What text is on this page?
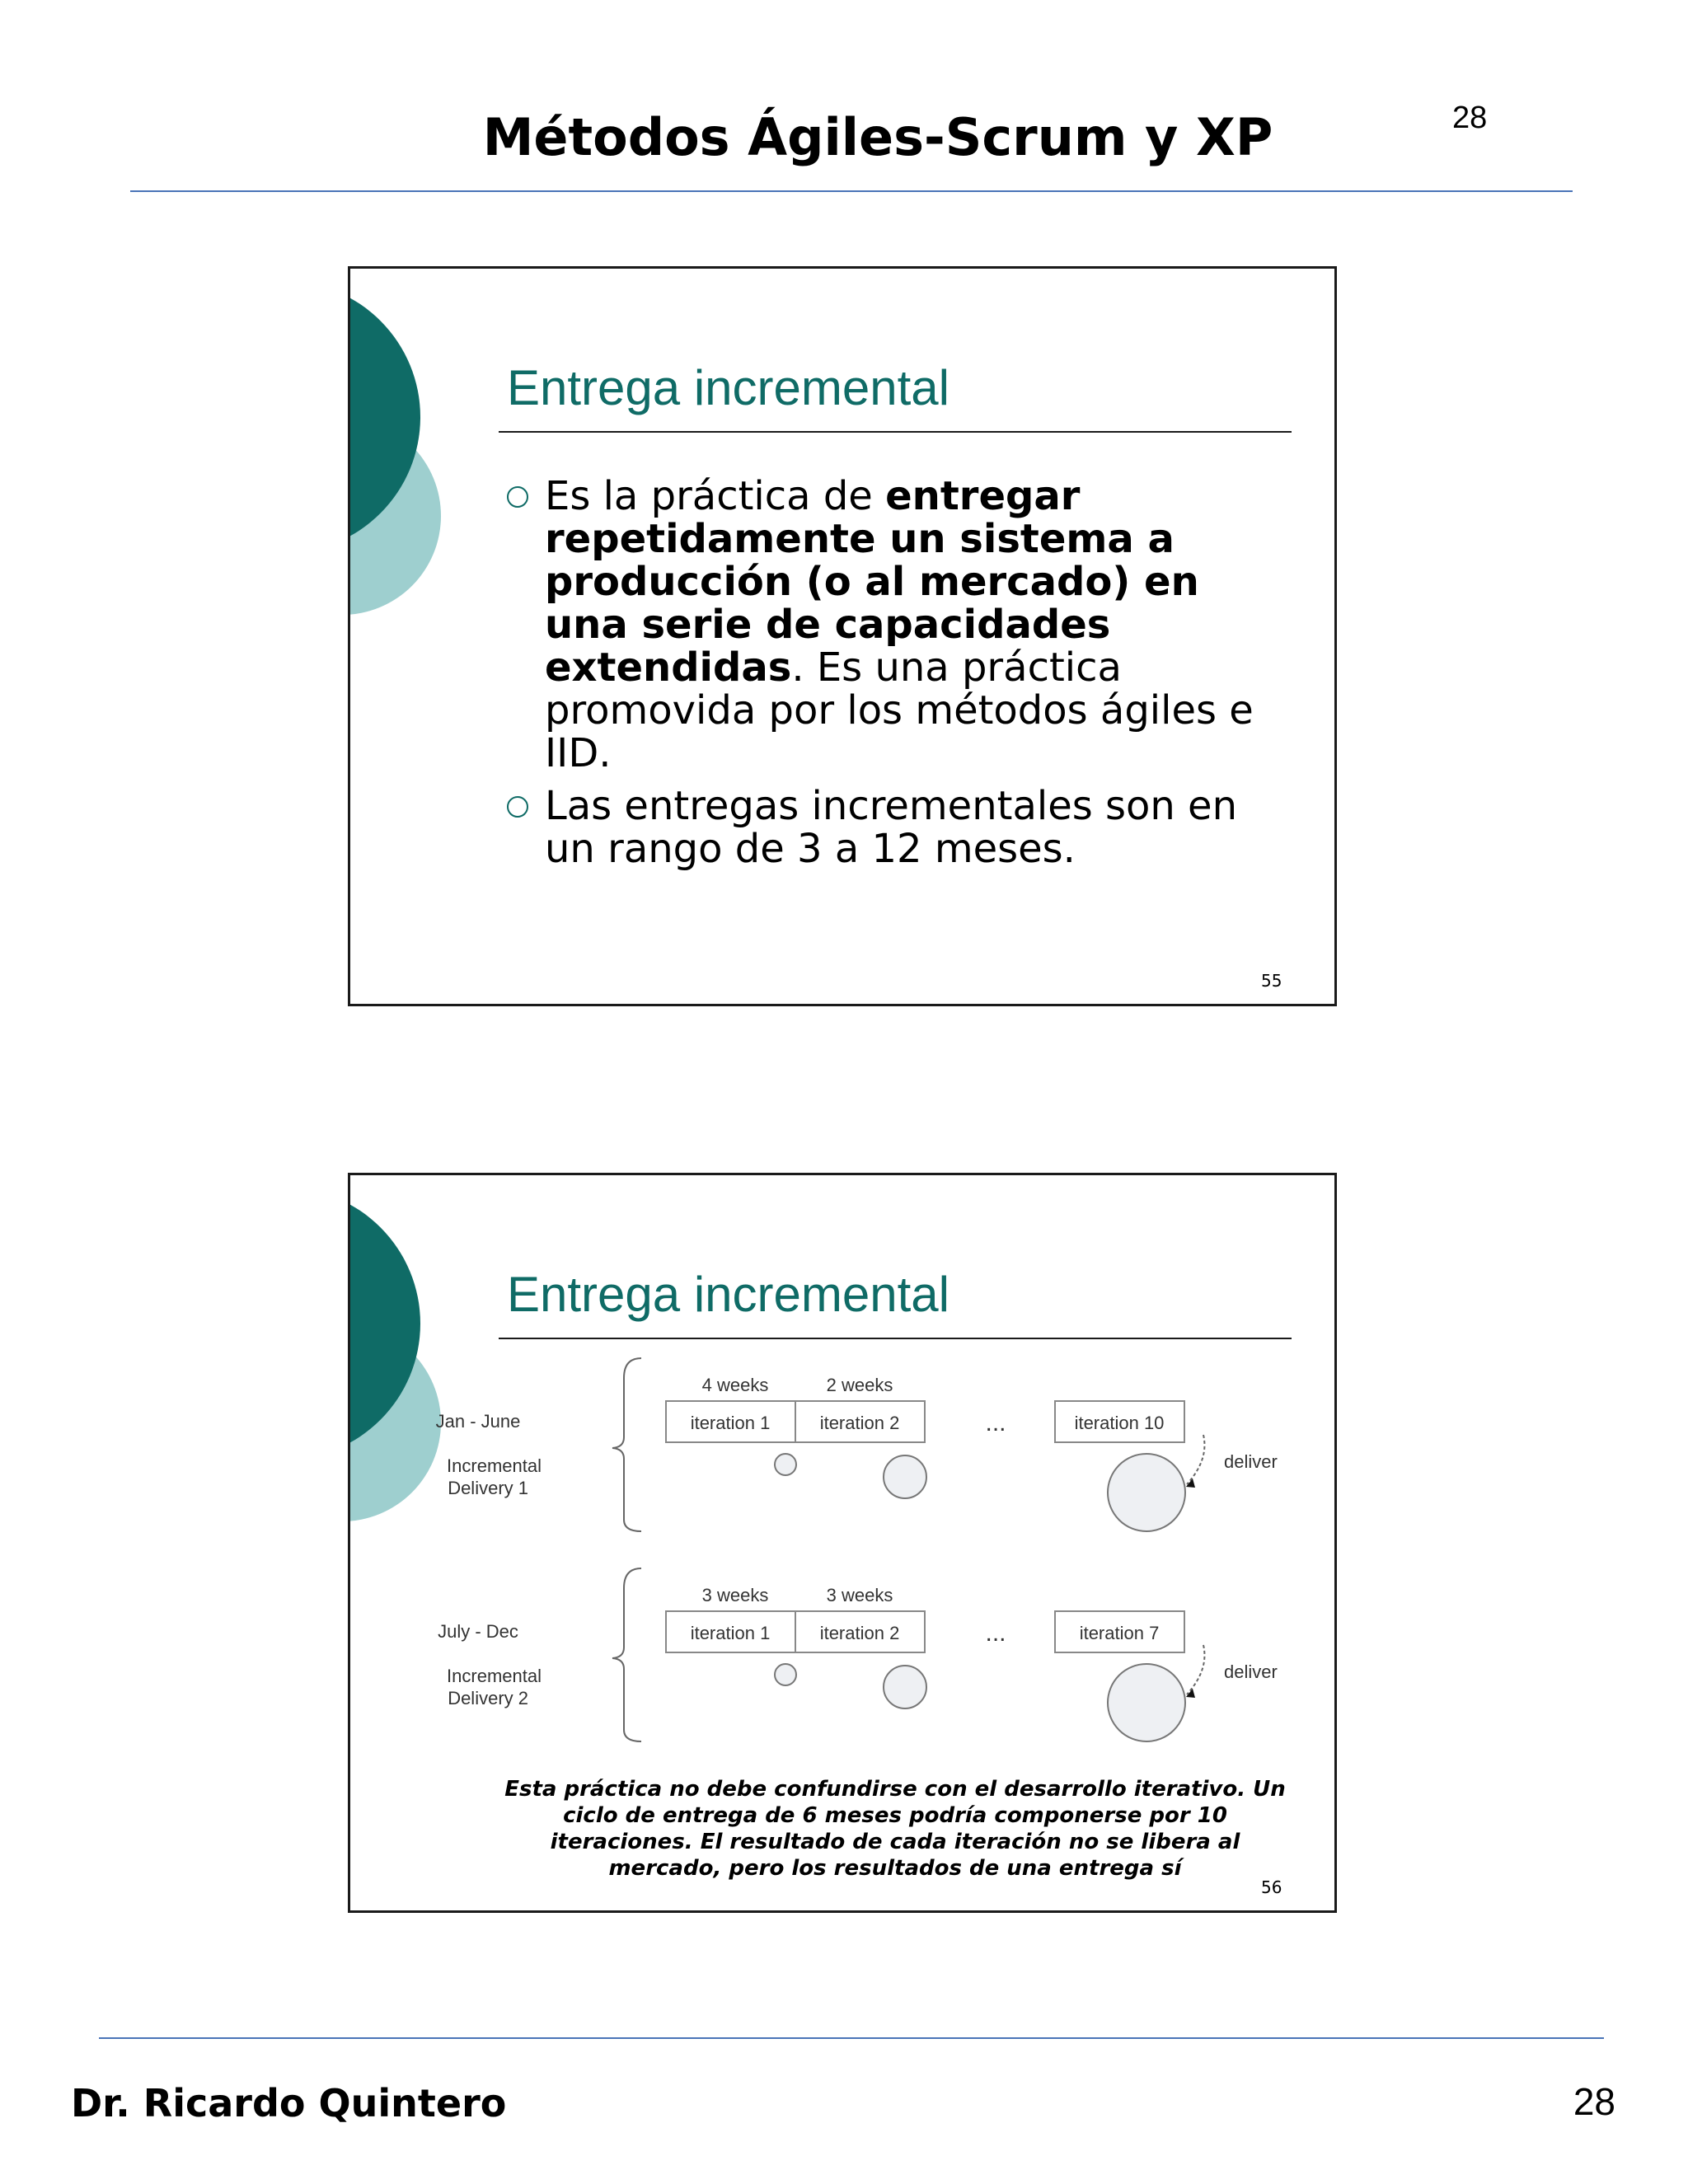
28
Métodos Ágiles-Scrum y XP
Entrega incremental
Es la práctica de entregar repetidamente un sistema a producción (o al mercado) en una serie de capacidades extendidas. Es una práctica promovida por los métodos ágiles e IID.
Las entregas incrementales son en un rango de 3 a 12 meses.
55
Entrega incremental
Jan - June
Incremental
Delivery 1
4 weeks	2 weeks
iteration 1	iteration 2	...	iteration 10
deliver
July - Dec
Incremental
Delivery 2
3 weeks	3 weeks
iteration 1	iteration 2	...	iteration 7
deliver
Esta práctica no debe confundirse con el desarrollo iterativo. Un ciclo de entrega de 6 meses podría componerse por 10 iteraciones. El resultado de cada iteración no se libera al mercado, pero los resultados de una entrega sí
56
Dr. Ricardo Quintero	28
